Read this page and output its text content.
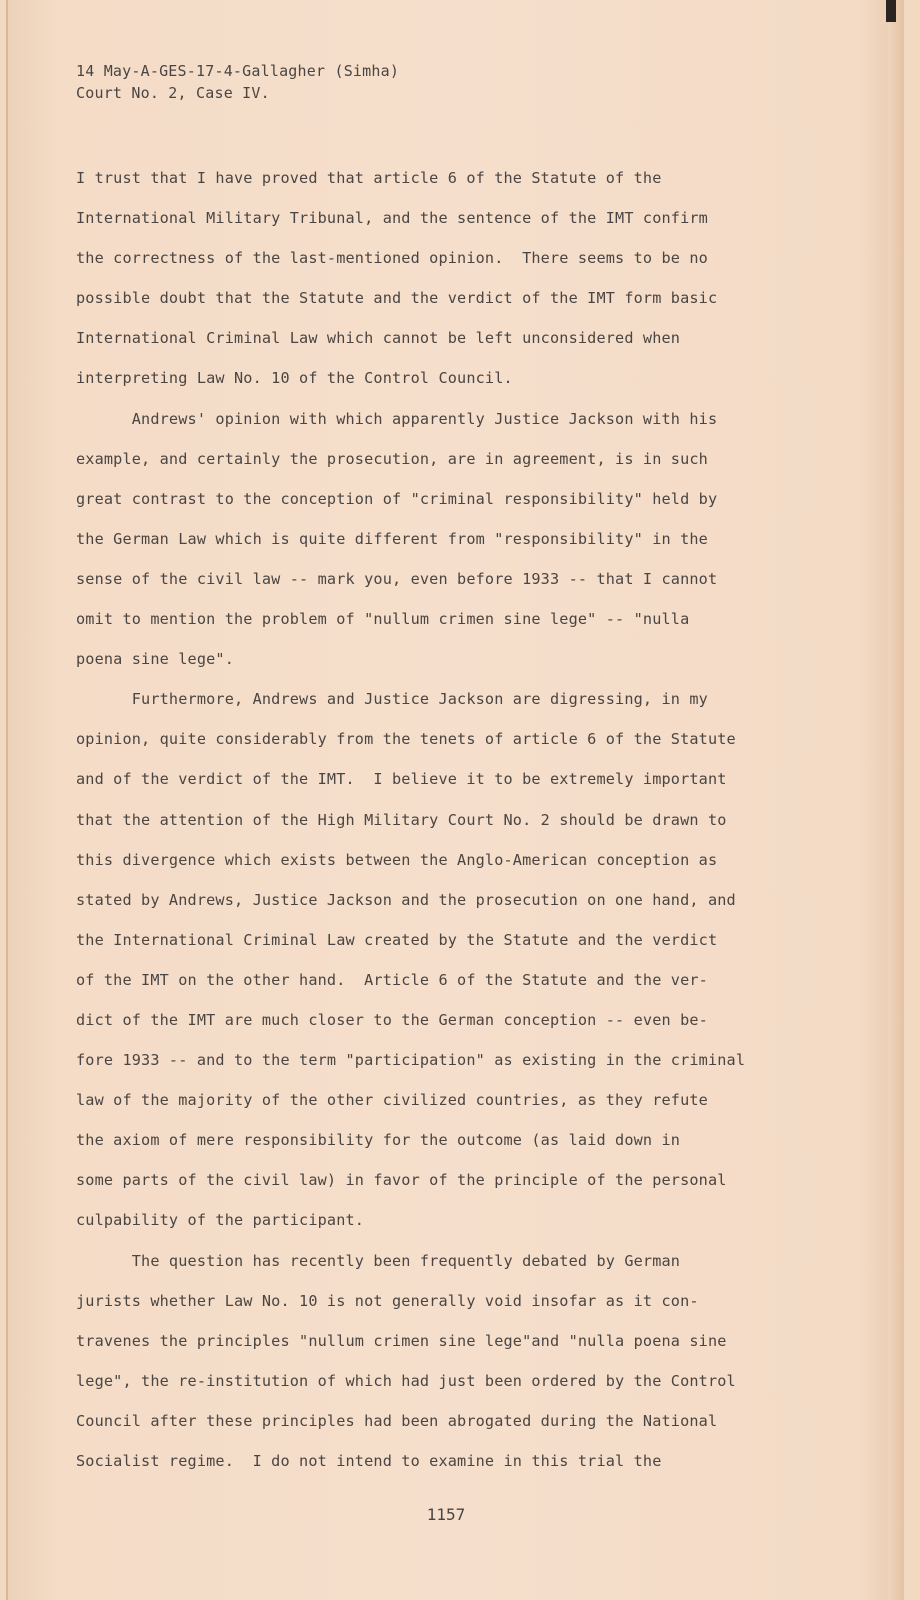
14 May-A-GES-17-4-Gallagher (Simha)
Court No. 2, Case IV.
I trust that I have proved that article 6 of the Statute of the
International Military Tribunal, and the sentence of the IMT confirm
the correctness of the last-mentioned opinion.  There seems to be no
possible doubt that the Statute and the verdict of the IMT form basic
International Criminal Law which cannot be left unconsidered when
interpreting Law No. 10 of the Control Council.
Andrews' opinion with which apparently Justice Jackson with his
example, and certainly the prosecution, are in agreement, is in such
great contrast to the conception of "criminal responsibility" held by
the German Law which is quite different from "responsibility" in the
sense of the civil law -- mark you, even before 1933 -- that I cannot
omit to mention the problem of "nullum crimen sine lege" -- "nulla
poena sine lege".
Furthermore, Andrews and Justice Jackson are digressing, in my
opinion, quite considerably from the tenets of article 6 of the Statute
and of the verdict of the IMT.  I believe it to be extremely important
that the attention of the High Military Court No. 2 should be drawn to
this divergence which exists between the Anglo-American conception as
stated by Andrews, Justice Jackson and the prosecution on one hand, and
the International Criminal Law created by the Statute and the verdict
of the IMT on the other hand.  Article 6 of the Statute and the ver-
dict of the IMT are much closer to the German conception -- even be-
fore 1933 -- and to the term "participation" as existing in the criminal
law of the majority of the other civilized countries, as they refute
the axiom of mere responsibility for the outcome (as laid down in
some parts of the civil law) in favor of the principle of the personal
culpability of the participant.
The question has recently been frequently debated by German
jurists whether Law No. 10 is not generally void insofar as it con-
travenes the principles "nullum crimen sine lege"and "nulla poena sine
lege", the re-institution of which had just been ordered by the Control
Council after these principles had been abrogated during the National
Socialist regime.  I do not intend to examine in this trial the
1157
